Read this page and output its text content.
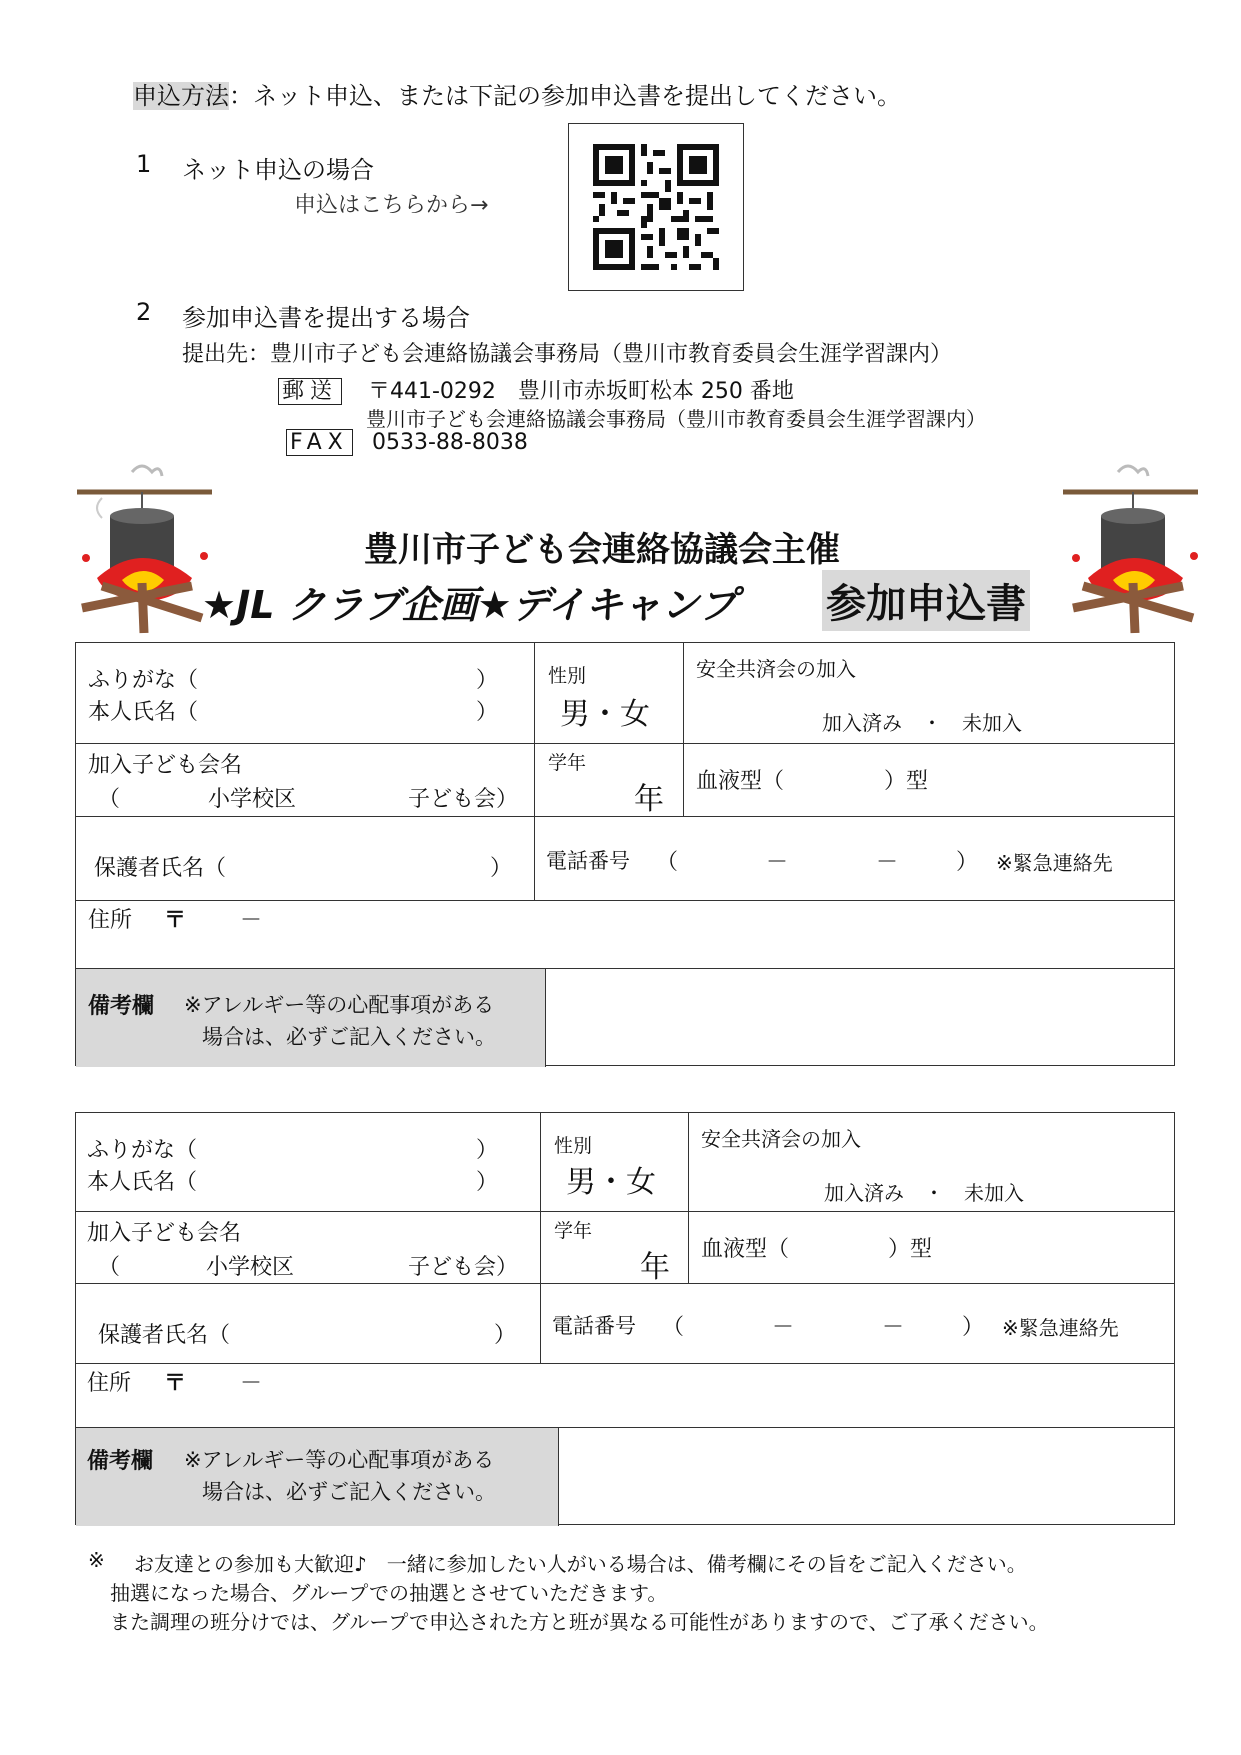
申込方法：ネット申込、または下記の参加申込書を提出してください。
1 ネット申込の場合
申込はこちらから→
2 参加申込書を提出する場合
提出先：豊川市子ども会連絡協議会事務局（豊川市教育委員会生涯学習課内）
郵送 〒441-0292　豊川市赤坂町松本 250 番地
豊川市子ども会連絡協議会事務局（豊川市教育委員会生涯学習課内）
FAX 0533-88-8038
豊川市子ども会連絡協議会主催
★JL クラブ企画★デイキャンプ 参加申込書
ふりがな（	）
本人氏名（	）
性別
男・女
安全共済会の加入
加入済み　・　未加入
加入子ども会名
（	小学校区	子ども会）
学年
年
血液型（	）型
保護者氏名（	） 電話番号 （	－	－	） ※緊急連絡先
住所 〒 －
備考欄 ※アレルギー等の心配事項がある
場合は、必ずご記入ください。
ふりがな（	）
本人氏名（	）
性別
男・女
安全共済会の加入
加入済み　・　未加入
加入子ども会名
（	小学校区	子ども会）
学年
年
血液型（	）型
保護者氏名（	） 電話番号 （	－	－	） ※緊急連絡先
住所 〒 －
備考欄 ※アレルギー等の心配事項がある
場合は、必ずご記入ください。
※ お友達との参加も大歓迎♪　一緒に参加したい人がいる場合は、備考欄にその旨をご記入ください。
抽選になった場合、グループでの抽選とさせていただきます。
また調理の班分けでは、グループで申込された方と班が異なる可能性がありますので、ご了承ください。
